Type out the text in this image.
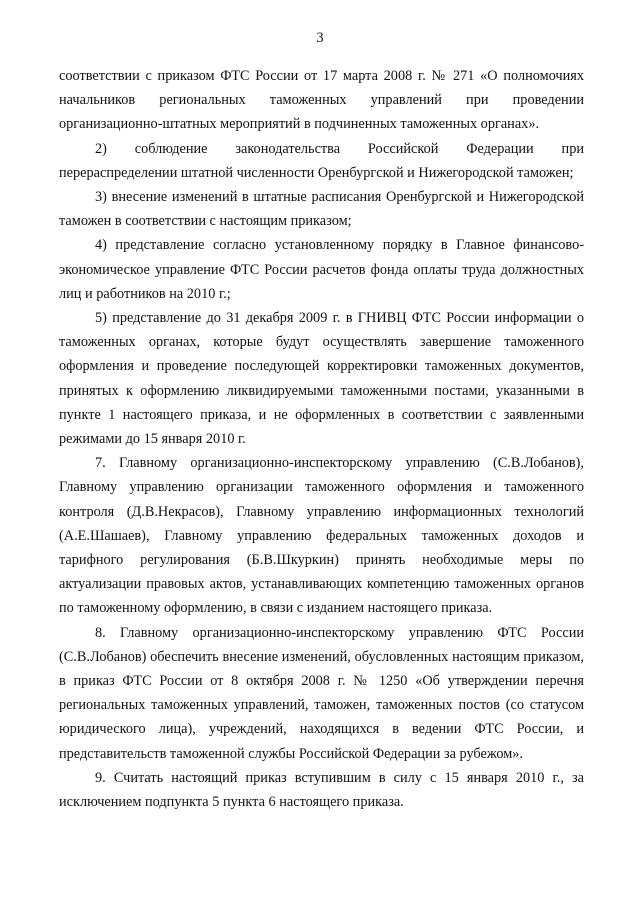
3

соответствии с приказом ФТС России от 17 марта 2008 г. № 271 «О полномочиях начальников региональных таможенных управлений при проведении организационно-штатных мероприятий в подчиненных таможенных органах».

2) соблюдение законодательства Российской Федерации при перераспределении штатной численности Оренбургской и Нижегородской таможен;

3) внесение изменений в штатные расписания Оренбургской и Нижегородской таможен в соответствии с настоящим приказом;

4) представление согласно установленному порядку в Главное финансово-экономическое управление ФТС России расчетов фонда оплаты труда должностных лиц и работников на 2010 г.;

5) представление до 31 декабря 2009 г. в ГНИВЦ ФТС России информации о таможенных органах, которые будут осуществлять завершение таможенного оформления и проведение последующей корректировки таможенных документов, принятых к оформлению ликвидируемыми таможенными постами, указанными в пункте 1 настоящего приказа, и не оформленных в соответствии с заявленными режимами до 15 января 2010 г.

7. Главному организационно-инспекторскому управлению (С.В.Лобанов), Главному управлению организации таможенного оформления и таможенного контроля (Д.В.Некрасов), Главному управлению информационных технологий (А.Е.Шашаев), Главному управлению федеральных таможенных доходов и тарифного регулирования (Б.В.Шкуркин) принять необходимые меры по актуализации правовых актов, устанавливающих компетенцию таможенных органов по таможенному оформлению, в связи с изданием настоящего приказа.

8. Главному организационно-инспекторскому управлению ФТС России (С.В.Лобанов) обеспечить внесение изменений, обусловленных настоящим приказом, в приказ ФТС России от 8 октября 2008 г. № 1250 «Об утверждении перечня региональных таможенных управлений, таможен, таможенных постов (со статусом юридического лица), учреждений, находящихся в ведении ФТС России, и представительств таможенной службы Российской Федерации за рубежом».

9. Считать настоящий приказ вступившим в силу с 15 января 2010 г., за исключением подпункта 5 пункта 6 настоящего приказа.
